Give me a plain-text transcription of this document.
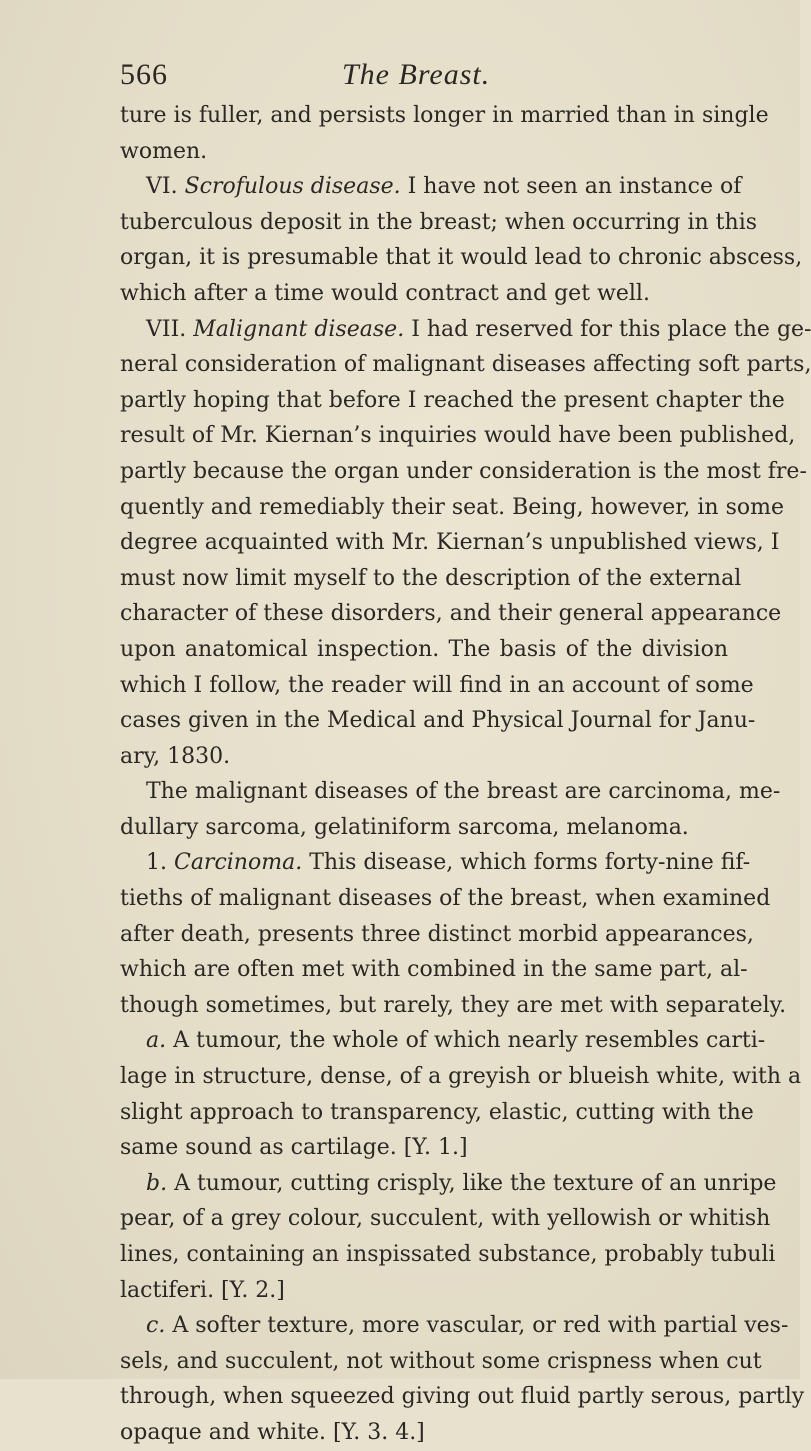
566	The Breast.
ture is fuller, and persists longer in married than in single
women.
VI. Scrofulous disease. I have not seen an instance of
tuberculous deposit in the breast; when occurring in this
organ, it is presumable that it would lead to chronic abscess,
which after a time would contract and get well.
VII. Malignant disease. I had reserved for this place the ge-
neral consideration of malignant diseases affecting soft parts,
partly hoping that before I reached the present chapter the
result of Mr. Kiernan’s inquiries would have been published,
partly because the organ under consideration is the most fre-
quently and remediably their seat. Being, however, in some
degree acquainted with Mr. Kiernan’s unpublished views, I
must now limit myself to the description of the external
character of these disorders, and their general appearance
upon anatomical inspection. The basis of the division
which I follow, the reader will find in an account of some
cases given in the Medical and Physical Journal for Janu-
ary, 1830.
The malignant diseases of the breast are carcinoma, me-
dullary sarcoma, gelatiniform sarcoma, melanoma.
1. Carcinoma. This disease, which forms forty-nine fif-
tieths of malignant diseases of the breast, when examined
after death, presents three distinct morbid appearances,
which are often met with combined in the same part, al-
though sometimes, but rarely, they are met with separately.
a. A tumour, the whole of which nearly resembles carti-
lage in structure, dense, of a greyish or blueish white, with a
slight approach to transparency, elastic, cutting with the
same sound as cartilage. [Y. 1.]
b. A tumour, cutting crisply, like the texture of an unripe
pear, of a grey colour, succulent, with yellowish or whitish
lines, containing an inspissated substance, probably tubuli
lactiferi. [Y. 2.]
c. A softer texture, more vascular, or red with partial ves-
sels, and succulent, not without some crispness when cut
through, when squeezed giving out fluid partly serous, partly
opaque and white. [Y. 3. 4.]
